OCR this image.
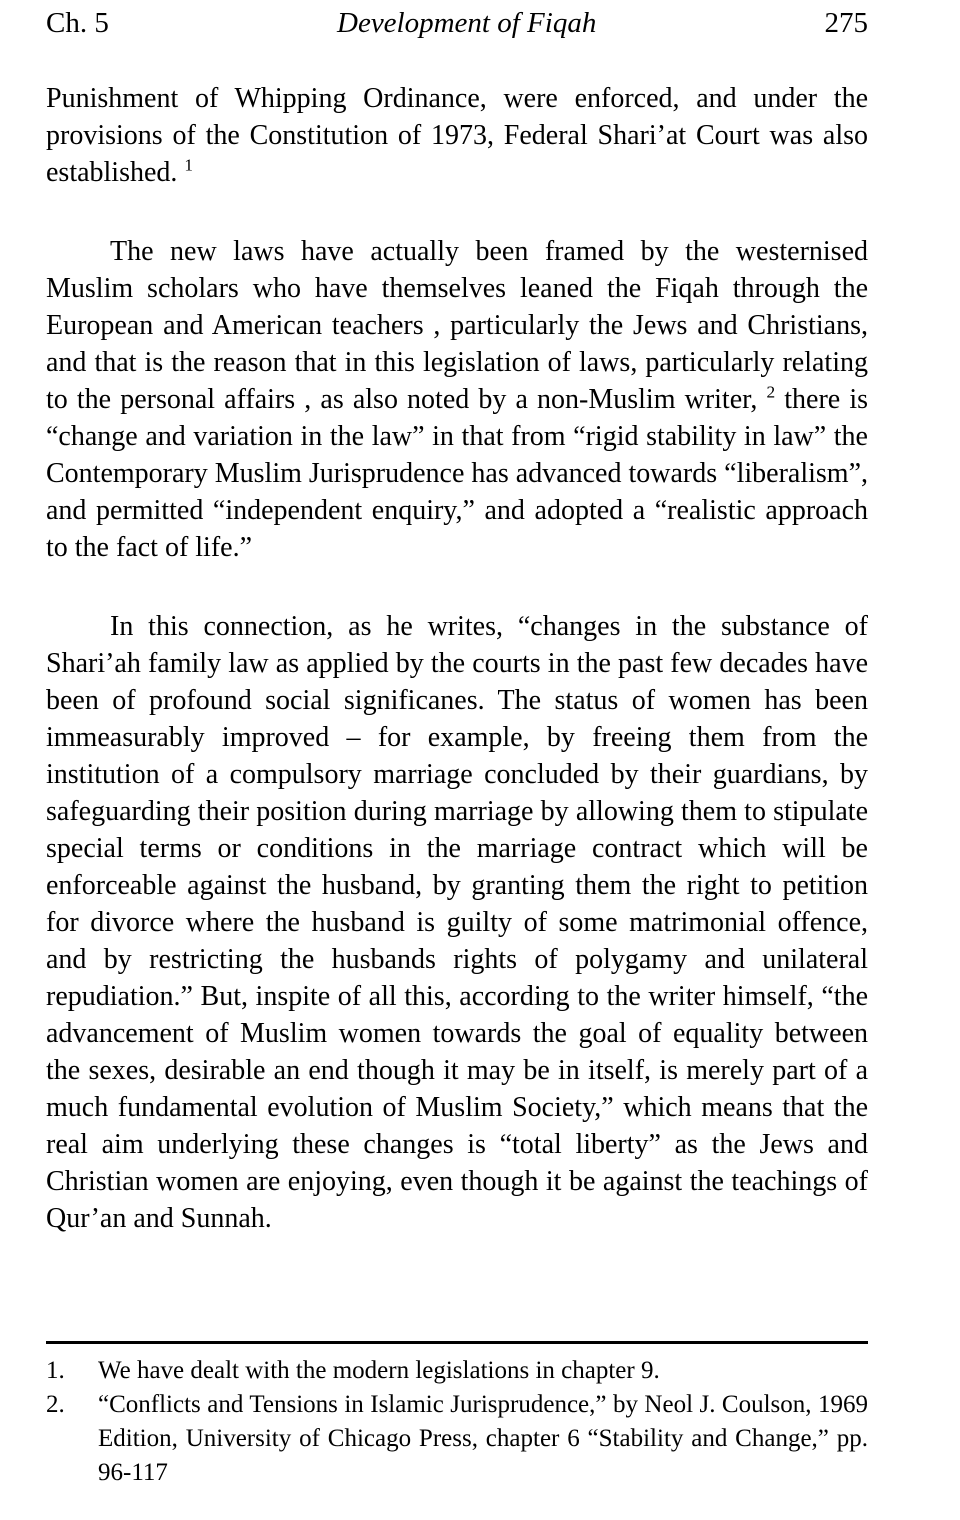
Ch. 5	Development of Fiqah	275

Punishment of Whipping Ordinance, were enforced, and under the provisions of the Constitution of 1973, Federal Shari’at Court was also established. $^1$

The new laws have actually been framed by the westernised Muslim scholars who have themselves leaned the Fiqah through the European and American teachers , particularly the Jews and Christians, and that is the reason that in this legislation of laws, particularly relating to the personal affairs , as also noted by a non-Muslim writer, $^2$ there is “change and variation in the law” in that from “rigid stability in law” the Contemporary Muslim Jurisprudence has advanced towards “liberalism”, and permitted “independent enquiry,” and adopted a “realistic approach to the fact of life.”

In this connection, as he writes, “changes in the substance of Shari’ah family law as applied by the courts in the past few decades have been of profound social significanes. The status of women has been immeasurably improved – for example, by freeing them from the institution of a compulsory marriage concluded by their guardians, by safeguarding their position during marriage by allowing them to stipulate special terms or conditions in the marriage contract which will be enforceable against the husband, by granting them the right to petition for divorce where the husband is guilty of some matrimonial offence, and by restricting the husbands rights of polygamy and unilateral repudiation.” But, inspite of all this, according to the writer himself, “the advancement of Muslim women towards the goal of equality between the sexes, desirable an end though it may be in itself, is merely part of a much fundamental evolution of Muslim Society,” which means that the real aim underlying these changes is “total liberty” as the Jews and Christian women are enjoying, even though it be against the teachings of Qur’an and Sunnah.

1.	We have dealt with the modern legislations in chapter 9.
2.	“Conflicts and Tensions in Islamic Jurisprudence,” by Neol J. Coulson, 1969 Edition, University of Chicago Press, chapter 6 “Stability and Change,” pp. 96-117
